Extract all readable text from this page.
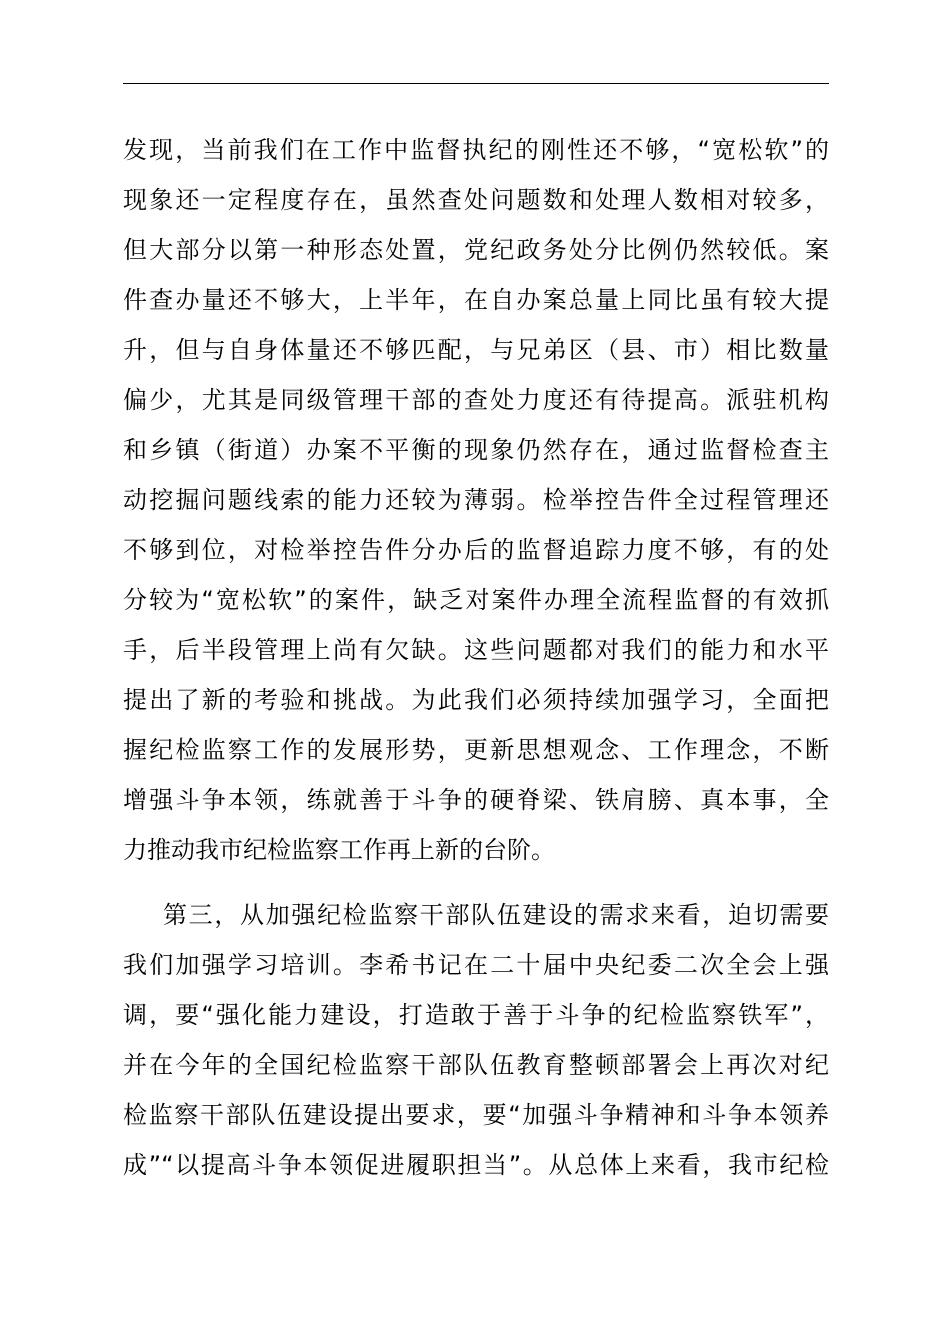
发现，当前我们在工作中监督执纪的刚性还不够，“宽松软”的
现象还一定程度存在，虽然查处问题数和处理人数相对较多，
但大部分以第一种形态处置，党纪政务处分比例仍然较低。案
件查办量还不够大，上半年，在自办案总量上同比虽有较大提
升，但与自身体量还不够匹配，与兄弟区（县、市）相比数量
偏少，尤其是同级管理干部的查处力度还有待提高。派驻机构
和乡镇（街道）办案不平衡的现象仍然存在，通过监督检查主
动挖掘问题线索的能力还较为薄弱。检举控告件全过程管理还
不够到位，对检举控告件分办后的监督追踪力度不够，有的处
分较为“宽松软”的案件，缺乏对案件办理全流程监督的有效抓
手，后半段管理上尚有欠缺。这些问题都对我们的能力和水平
提出了新的考验和挑战。为此我们必须持续加强学习，全面把
握纪检监察工作的发展形势，更新思想观念、工作理念，不断
增强斗争本领，练就善于斗争的硬脊梁、铁肩膀、真本事，全
力推动我市纪检监察工作再上新的台阶。
第三，从加强纪检监察干部队伍建设的需求来看，迫切需要
我们加强学习培训。李希书记在二十届中央纪委二次全会上强
调，要“强化能力建设，打造敢于善于斗争的纪检监察铁军”，
并在今年的全国纪检监察干部队伍教育整顿部署会上再次对纪
检监察干部队伍建设提出要求，要“加强斗争精神和斗争本领养
成”“以提高斗争本领促进履职担当”。从总体上来看，我市纪检
